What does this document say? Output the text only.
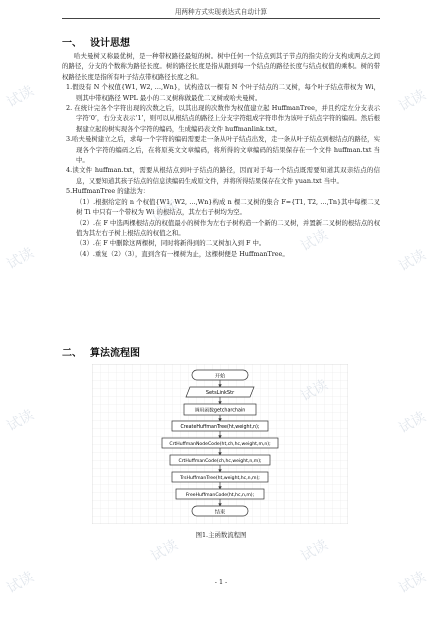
用两种方式实现表达式自动计算
一、 设计思想

哈夫曼树又称最优树，是一种带权路径最短的树。树中任何一个结点到其子节点的指尖的分支构成两点之间的路径，分支的个数称为路径长度。树的路径长度是指从跟到每一个结点的路径长度与结点权值的乘积。树的带权路径长度是指所有叶子结点带权路径长度之和。

1.假设有 N 个权值{W1, W2, …,Wn}，试构造以一棵有 N 个叶子结点的二叉树，每个叶子结点带权为 Wi，则其中带权路径 WPL 最小的二叉树称做最优二叉树或哈夫曼树。

2. 在统计完各个字符出现的次数之后，以其出现的次数作为权值建立起 HuffmanTree，并且约定左分支表示字符‘0’，右分支表示‘1’，则可以从根结点的路径上分支字符组成字符串作为该叶子结点字符的编码。然后根据建立起的树实现各个字符的编码，生成编码表文件 huffmanlink.txt。

3.哈夫曼树建立之后，求每一个字符的编码需要走一条从叶子结点出发，走一条从叶子结点到根结点的路径，实现各个字符的编码之后，在将原英文文章编码，将所得的文章编码的结果保存在一个文件 huffman.txt 当中。

4.读文件 huffman.txt，需要从根结点到叶子结点的路径，因而对于每一个结点既需要知道其双亲结点的信息，又要知道其孩子结点的信息读编码生成原文件，并将所得结果保存在文件 yuan.txt 当中。

5.HuffmanTree 的建法为：

（1）.根据给定的 n 个权值{W1, W2, …,Wn}构成 n 棵二叉树的集合 F={T1, T2, …,Tn}其中每棵二叉树 Ti 中只有一个带权为 Wi 的根结点，其左右子树均为空。

（2）.在 F 中选两棵根结点的权值最小的树作为左右子树构造一个新的二叉树，并置新二叉树的根结点的权值为其左右子树上根结点的权值之和。

（3）.在 F 中删除这两棵树，同时将新得到的二叉树加入到 F 中。

（4）.重复（2）（3），直到含有一棵树为止，这棵树便是 HuffmanTree。

二、 算法流程图
开始
SetsLinkStr
调用函数getcharchain
CreateHuffmanTree(ht,weight,n);
CrtHuffmanNodeCode(ht,ch,hc,weight,m,n);
CrtHuffmanCode(ch,hc,weight,n,m);
TrsHuffmanTree(ht,weight,hc,n,m);
FreeHuffmanCode(ht,hc,n,m);
结束
图1.主函数流程图
- 1 -
试读
试读
试读
试读
试读
试读
试读
试读
试读
试读
试读
试读
试读
